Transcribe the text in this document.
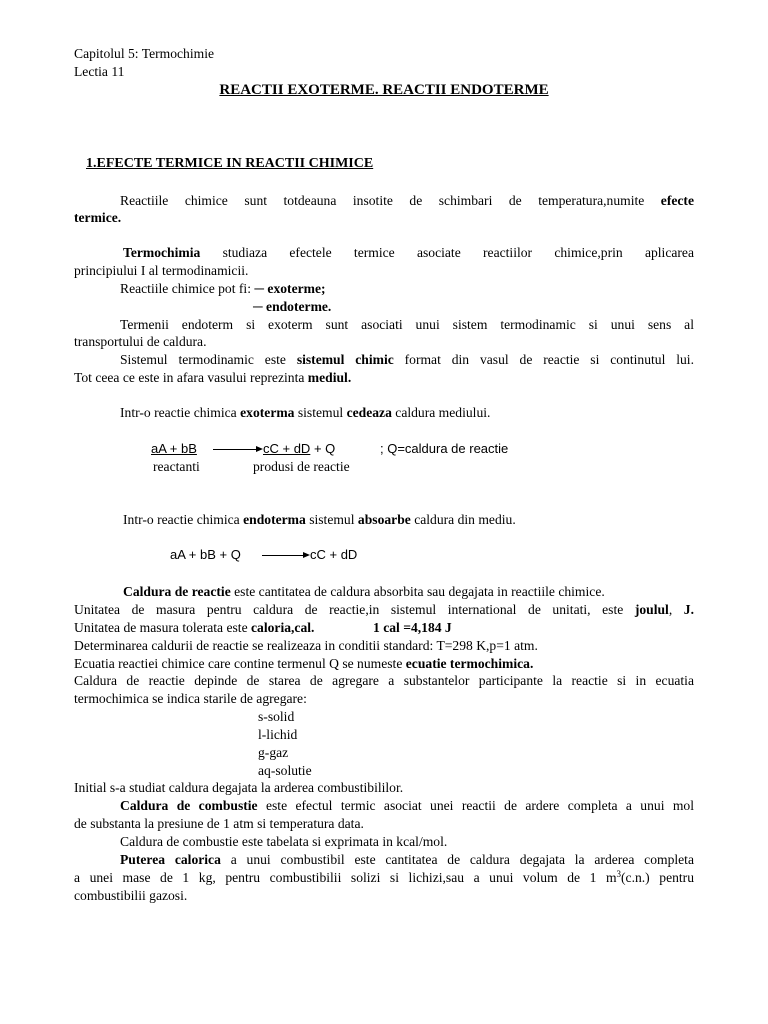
Capitolul 5: Termochimie
Lectia 11
REACTII EXOTERME. REACTII ENDOTERME
1.EFECTE TERMICE IN REACTII CHIMICE
Reactiile chimice sunt totdeauna insotite de schimbari de temperatura,numite efecte
termice.
Termochimia studiaza efectele termice asociate reactiilor chimice,prin aplicarea
principiului I al termodinamicii.
Reactiile chimice pot fi: ─ exoterme;
─ endoterme.
Termenii endoterm si exoterm sunt asociati unui sistem termodinamic si unui sens al
transportului de caldura.
Sistemul termodinamic este sistemul chimic format din vasul de reactie si continutul lui.
Tot ceea ce este in afara vasului reprezinta mediul.
Intr-o reactie chimica exoterma sistemul cedeaza caldura mediului.
aA + bB → cC + dD + Q	; Q=caldura de reactie
reactanti	produsi de reactie
Intr-o reactie chimica endoterma sistemul absoarbe caldura din mediu.
aA + bB + Q → cC + dD
Caldura de reactie este cantitatea de caldura absorbita sau degajata in reactiile chimice.
Unitatea de masura pentru caldura de reactie,in sistemul international de unitati, este joulul, J.
Unitatea de masura tolerata este caloria,cal.	1 cal =4,184 J
Determinarea caldurii de reactie se realizeaza in conditii standard: T=298 K,p=1 atm.
Ecuatia reactiei chimice care contine termenul Q se numeste ecuatie termochimica.
Caldura de reactie depinde de starea de agregare a substantelor participante la reactie si in ecuatia
termochimica se indica starile de agregare:
s-solid
l-lichid
g-gaz
aq-solutie
Initial s-a studiat caldura degajata la arderea combustibililor.
Caldura de combustie este efectul termic asociat unei reactii de ardere completa a unui mol
de substanta la presiune de 1 atm si temperatura data.
Caldura de combustie este tabelata si exprimata in kcal/mol.
Puterea calorica a unui combustibil este cantitatea de caldura degajata la arderea completa
a unei mase de 1 kg, pentru combustibilii solizi si lichizi,sau a unui volum de 1 $m^3(c.n.)$ pentru
combustibilii gazosi.
